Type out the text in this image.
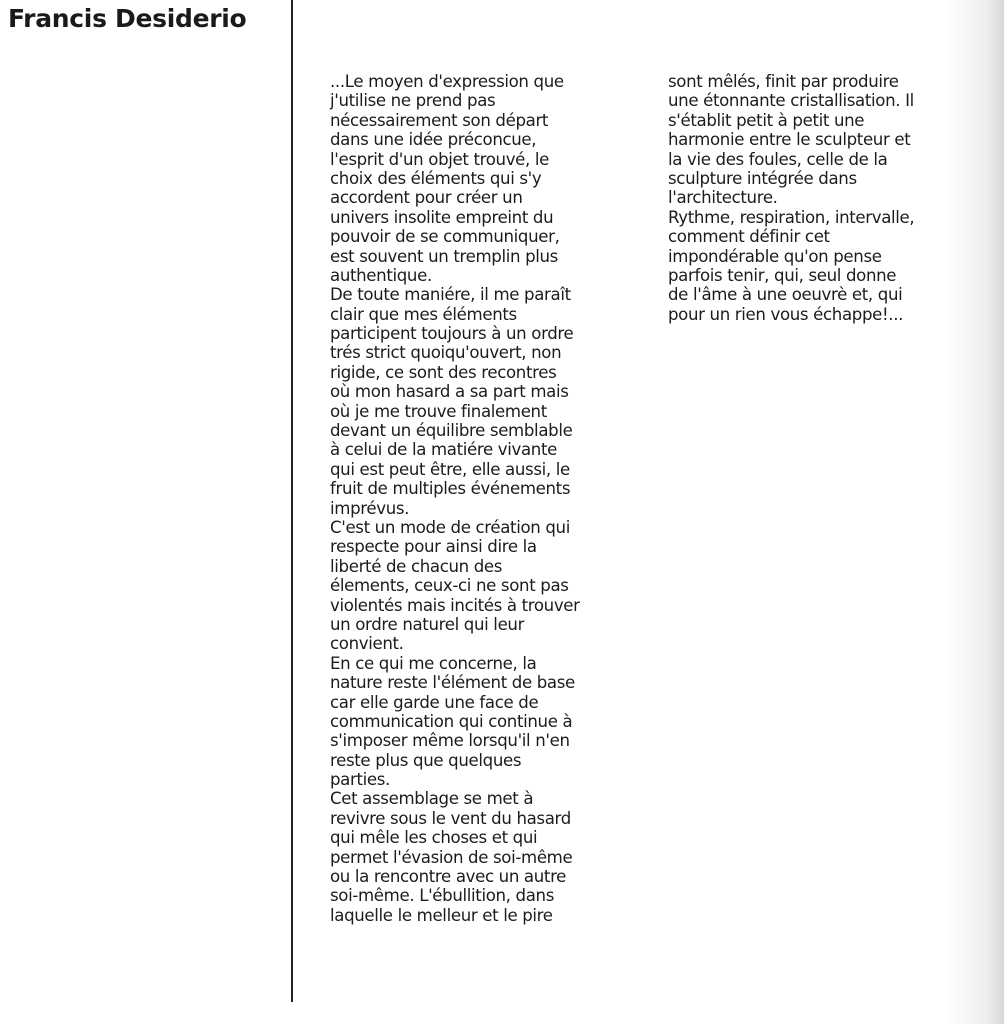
Francis Desiderio
...Le moyen d'expression que
j'utilise ne prend pas
nécessairement son départ
dans une idée préconcue,
l'esprit d'un objet trouvé, le
choix des éléments qui s'y
accordent pour créer un
univers insolite empreint du
pouvoir de se communiquer,
est souvent un tremplin plus
authentique.
De toute maniére, il me paraît
clair que mes éléments
participent toujours à un ordre
trés strict quoiqu'ouvert, non
rigide, ce sont des recontres
où mon hasard a sa part mais
où je me trouve finalement
devant un équilibre semblable
à celui de la matiére vivante
qui est peut être, elle aussi, le
fruit de multiples événements
imprévus.
C'est un mode de création qui
respecte pour ainsi dire la
liberté de chacun des
élements, ceux-ci ne sont pas
violentés mais incités à trouver
un ordre naturel qui leur
convient.
En ce qui me concerne, la
nature reste l'élément de base
car elle garde une face de
communication qui continue à
s'imposer même lorsqu'il n'en
reste plus que quelques
parties.
Cet assemblage se met à
revivre sous le vent du hasard
qui mêle les choses et qui
permet l'évasion de soi-même
ou la rencontre avec un autre
soi-même. L'ébullition, dans
laquelle le melleur et le pire
sont mêlés, finit par produire
une étonnante cristallisation. Il
s'établit petit à petit une
harmonie entre le sculpteur et
la vie des foules, celle de la
sculpture intégrée dans
l'architecture.
Rythme, respiration, intervalle,
comment définir cet
impondérable qu'on pense
parfois tenir, qui, seul donne
de l'âme à une oeuvrè et, qui
pour un rien vous échappe!...
